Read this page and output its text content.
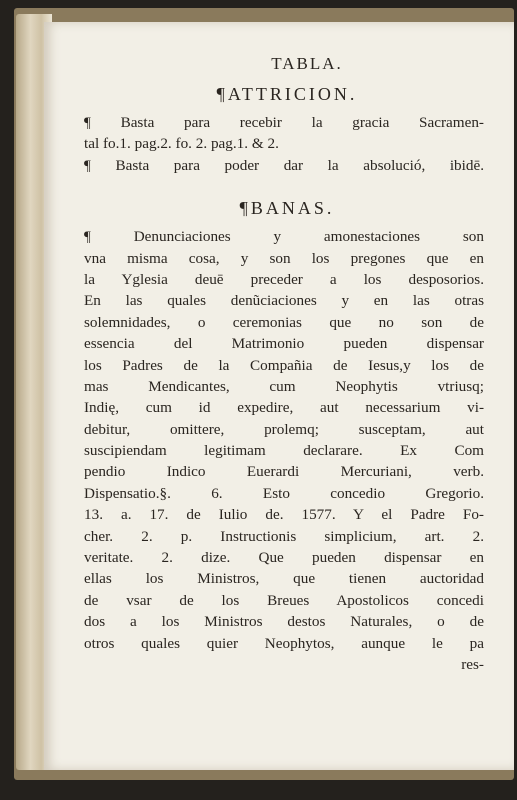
TABLA.
¶ATTRICION.
¶ Basta para recebir la gracia Sacramen-
tal fo.1. pag.2. fo. 2. pag.1. & 2.
¶ Basta para poder dar la absolució, ibidē.
¶BANAS.
¶ Denunciaciones y amonestaciones son
vna misma cosa, y son los pregones que en
la Yglesia deuē preceder a los desposorios.
En las quales denũciaciones y en las otras
solemnidades, o ceremonias que no son de
essencia del Matrimonio pueden dispensar
los Padres de la Compañia de Iesus,y los de
mas Mendicantes, cum Neophytis vtriusq;
Indię, cum id expedire, aut necessarium vi-
debitur, omittere, prolemq; susceptam, aut
suscipiendam legitimam declarare. Ex Com
pendio Indico Euerardi Mercuriani, verb.
Dispensatio.§. 6. Esto concedio Gregorio.
13. a. 17. de Iulio de. 1577. Y el Padre Fo-
cher. 2. p. Instructionis simplicium, art. 2.
veritate. 2. dize. Que pueden dispensar en
ellas los Ministros, que tienen auctoridad
de vsar de los Breues Apostolicos concedi
dos a los Ministros destos Naturales, o de
otros quales quier Neophytos, aunque le pa
res-
